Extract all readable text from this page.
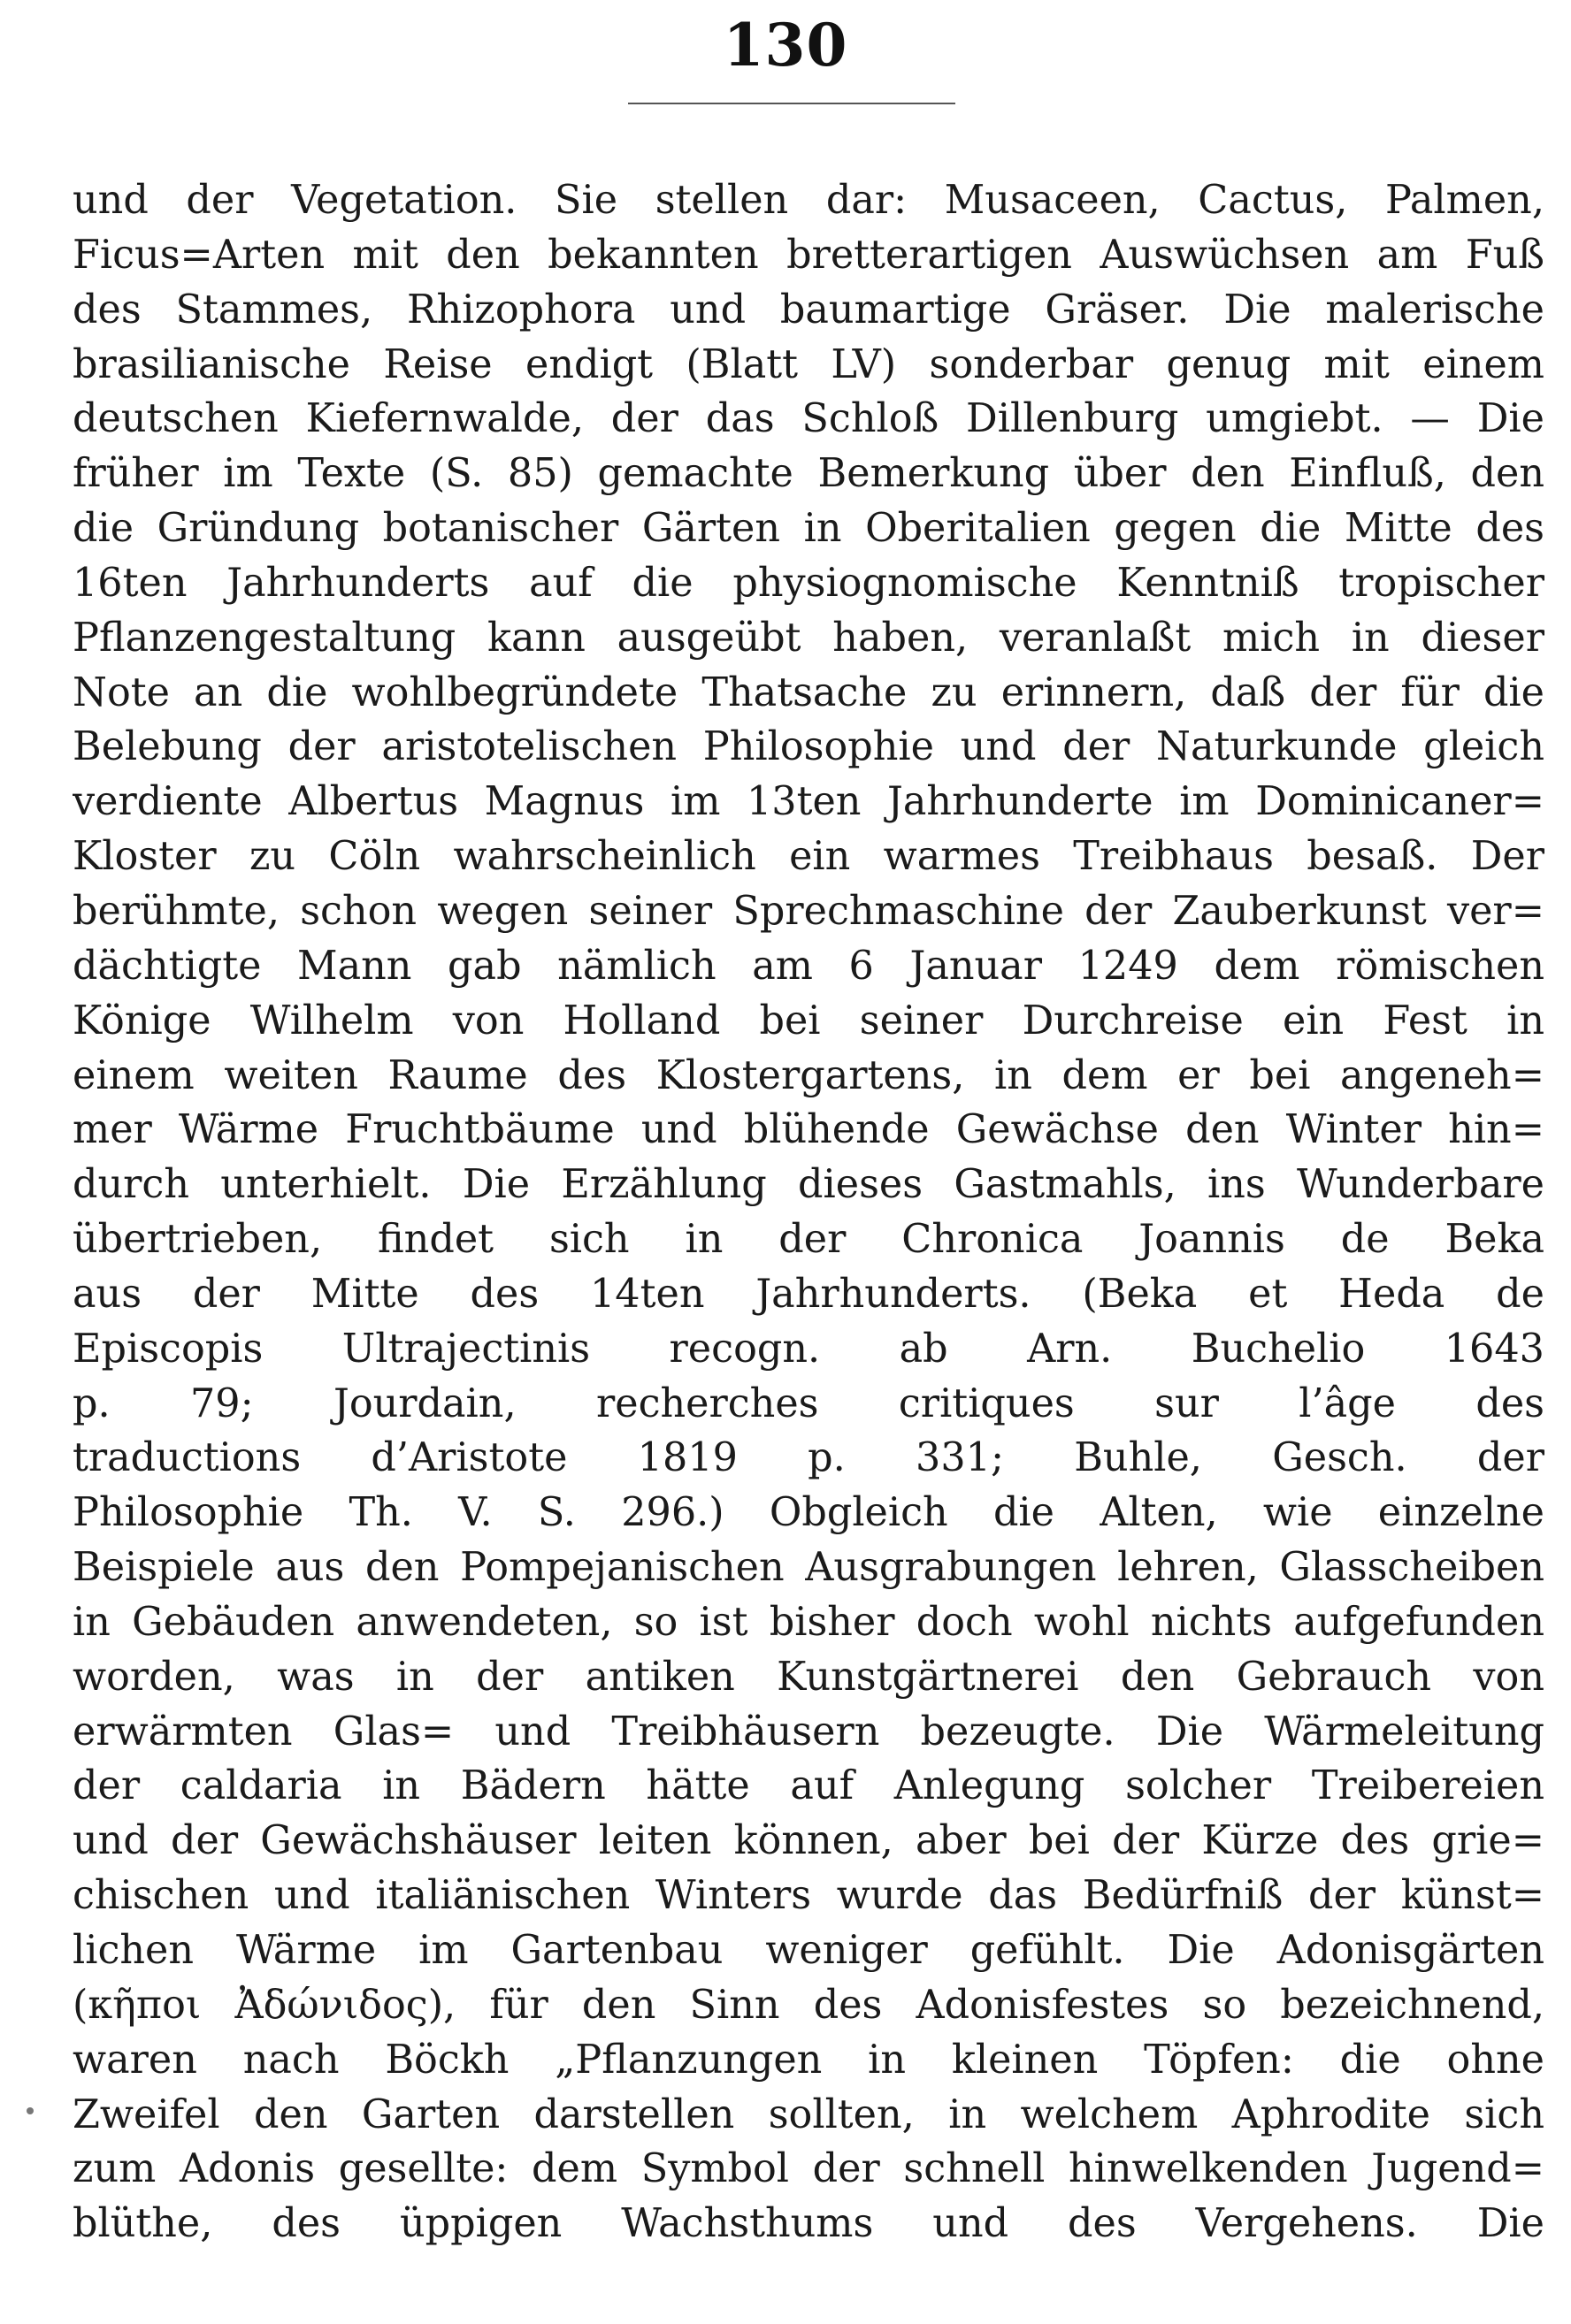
130
und der Vegetation. Sie stellen dar: Musaceen, Cactus, Palmen,
Ficus=Arten mit den bekannten bretterartigen Auswüchsen am Fuß
des Stammes, Rhizophora und baumartige Gräser. Die malerische
brasilianische Reise endigt (Blatt LV) sonderbar genug mit einem
deutschen Kiefernwalde, der das Schloß Dillenburg umgiebt. — Die
früher im Texte (S. 85) gemachte Bemerkung über den Einfluß, den
die Gründung botanischer Gärten in Oberitalien gegen die Mitte des
16ten Jahrhunderts auf die physiognomische Kenntniß tropischer
Pflanzengestaltung kann ausgeübt haben, veranlaßt mich in dieser
Note an die wohlbegründete Thatsache zu erinnern, daß der für die
Belebung der aristotelischen Philosophie und der Naturkunde gleich
verdiente Albertus Magnus im 13ten Jahrhunderte im Dominicaner=
Kloster zu Cöln wahrscheinlich ein warmes Treibhaus besaß. Der
berühmte, schon wegen seiner Sprechmaschine der Zauberkunst ver=
dächtigte Mann gab nämlich am 6 Januar 1249 dem römischen
Könige Wilhelm von Holland bei seiner Durchreise ein Fest in
einem weiten Raume des Klostergartens, in dem er bei angeneh=
mer Wärme Fruchtbäume und blühende Gewächse den Winter hin=
durch unterhielt. Die Erzählung dieses Gastmahls, ins Wunderbare
übertrieben, findet sich in der Chronica Joannis de Beka
aus der Mitte des 14ten Jahrhunderts. (Beka et Heda de
Episcopis Ultrajectinis recogn. ab Arn. Buchelio 1643
p. 79; Jourdain, recherches critiques sur l’âge des
traductions d’Aristote 1819 p. 331; Buhle, Gesch. der
Philosophie Th. V. S. 296.) Obgleich die Alten, wie einzelne
Beispiele aus den Pompejanischen Ausgrabungen lehren, Glasscheiben
in Gebäuden anwendeten, so ist bisher doch wohl nichts aufgefunden
worden, was in der antiken Kunstgärtnerei den Gebrauch von
erwärmten Glas= und Treibhäusern bezeugte. Die Wärmeleitung
der caldaria in Bädern hätte auf Anlegung solcher Treibereien
und der Gewächshäuser leiten können, aber bei der Kürze des grie=
chischen und italiänischen Winters wurde das Bedürfniß der künst=
lichen Wärme im Gartenbau weniger gefühlt. Die Adonisgärten
(κῆποι Ἀδώνιδος), für den Sinn des Adonisfestes so bezeichnend,
waren nach Böckh „Pflanzungen in kleinen Töpfen: die ohne
Zweifel den Garten darstellen sollten, in welchem Aphrodite sich
zum Adonis gesellte: dem Symbol der schnell hinwelkenden Jugend=
blüthe, des üppigen Wachsthums und des Vergehens. Die
